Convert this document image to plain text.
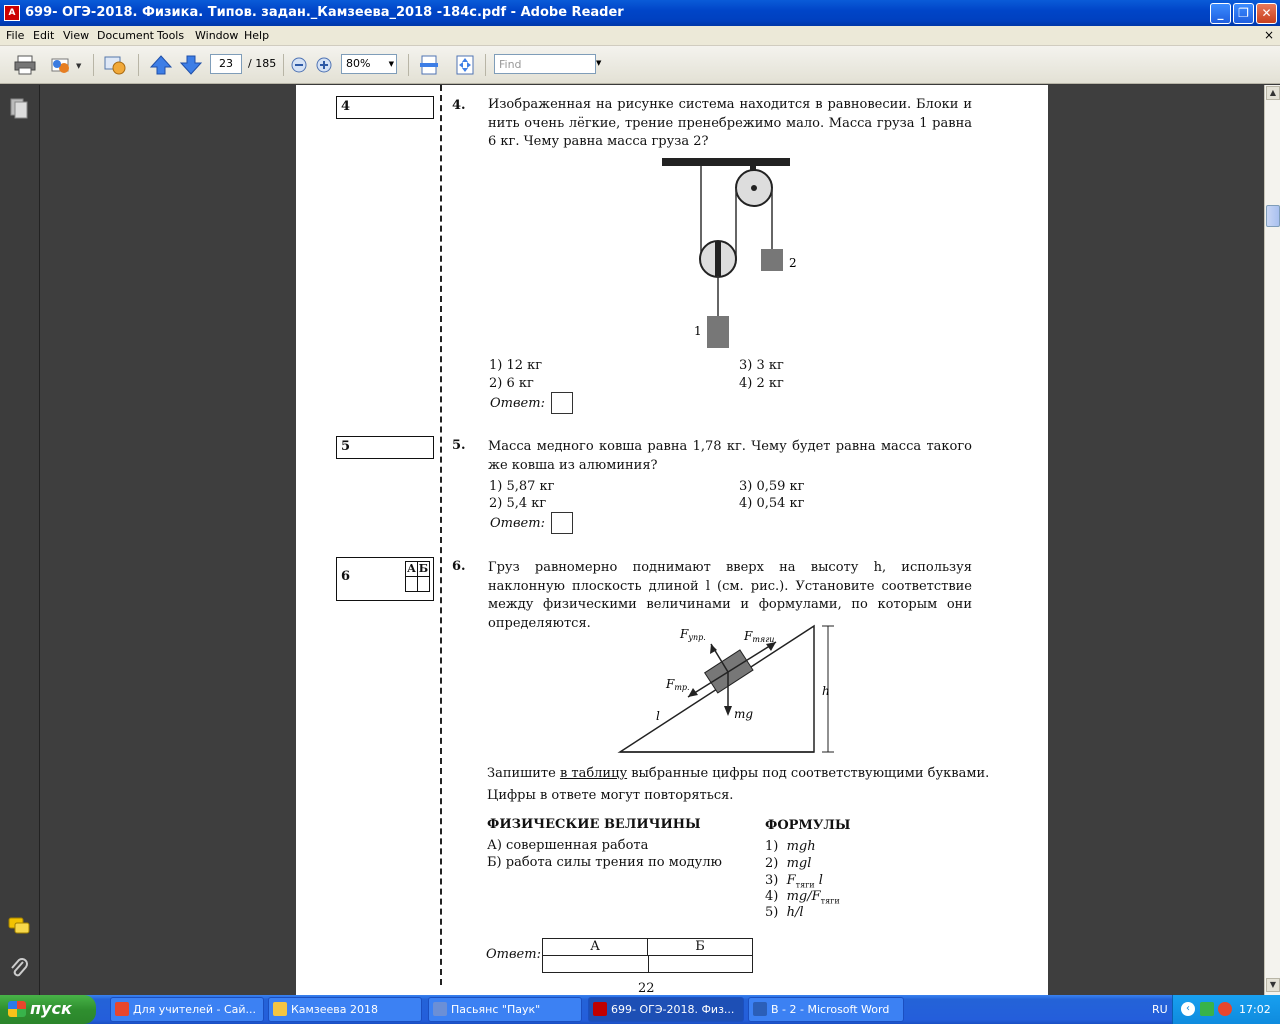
A 699- ОГЭ-2018. Физика. Типов. задан._Камзеева_2018 -184с.pdf - Adobe Reader	_	❐	✕
File Edit View Document Tools Window Help	×
▼	23	/ 185	80%	▼	Find	▼
4	4. Изображенная на рисунке система находится в равновесии. Блоки и нить очень лёгкие, трение пренебрежимо мало. Масса груза 1 равна 6 кг. Чему равна масса груза 2?
2
1
1) 12 кг
2) 6 кг
3) 3 кг
4) 2 кг
Ответ:
5	5. Масса медного ковша равна 1,78 кг. Чему будет равна масса такого же ковша из алюминия?
1) 5,87 кг
2) 5,4 кг
3) 0,59 кг
4) 0,54 кг
Ответ:
6
А Б 6. Груз равномерно поднимают вверх на высоту h, используя наклонную плоскость длиной l (см. рис.). Установите соответствие между физическими величинами и формулами, по которым они определяются.
Fупр.	Fтяги
Fтр.
mg
l
h
Запишите в таблицу выбранные цифры под соответствующими буквами.
Цифры в ответе могут повторяться.
ФИЗИЧЕСКИЕ ВЕЛИЧИНЫ	ФОРМУЛЫ
А) совершенная работа
Б) работа силы трения по модулю
1) mgh
2) mgl
3) $F_{тяги}$ l
4) $mg/F_{тяги}$
5) h/l
Ответ:
А	Б
22
▲
▼
пуск	Для учителей - Сай...	Камзеева 2018	Пасьянс "Паук"	699- ОГЭ-2018. Физ...	В - 2 - Microsoft Word	RU	‹	17:02
